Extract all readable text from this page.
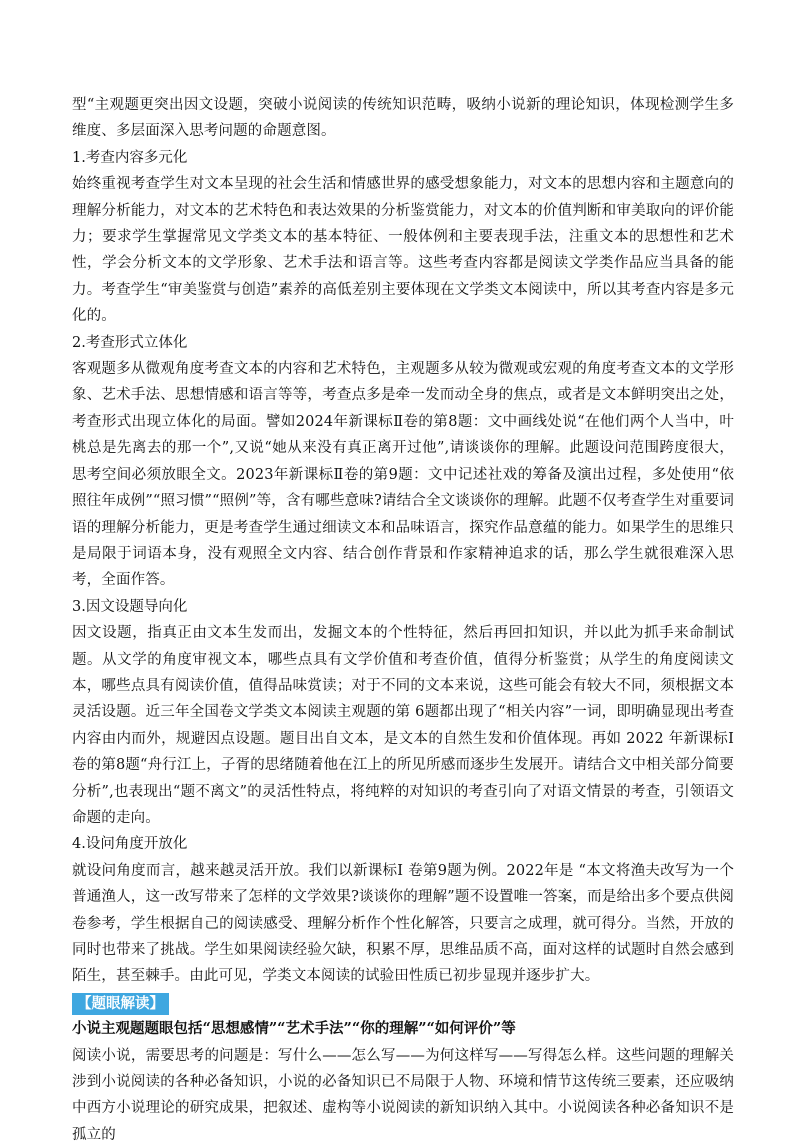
型“主观题更突出因文设题，突破小说阅读的传统知识范畴，吸纳小说新的理论知识，体现检测学生多维度、多层面深入思考问题的命题意图。

1.考查内容多元化

始终重视考查学生对文本呈现的社会生活和情感世界的感受想象能力，对文本的思想内容和主题意向的理解分析能力，对文本的艺术特色和表达效果的分析鉴赏能力，对文本的价值判断和审美取向的评价能力；要求学生掌握常见文学类文本的基本特征、一般体例和主要表现手法，注重文本的思想性和艺术性，学会分析文本的文学形象、艺术手法和语言等。这些考查内容都是阅读文学类作品应当具备的能力。考查学生“审美鉴赏与创造”素养的高低差别主要体现在文学类文本阅读中，所以其考查内容是多元化的。

2.考查形式立体化

客观题多从微观角度考查文本的内容和艺术特色，主观题多从较为微观或宏观的角度考查文本的文学形象、艺术手法、思想情感和语言等等，考查点多是牵一发而动全身的焦点，或者是文本鲜明突出之处，考查形式出现立体化的局面。譬如2024年新课标Ⅱ卷的第8题：文中画线处说“在他们两个人当中，叶桃总是先离去的那一个”,又说“她从来没有真正离开过他”,请谈谈你的理解。此题设问范围跨度很大，思考空间必须放眼全文。2023年新课标Ⅱ卷的第9题：文中记述社戏的筹备及演出过程，多处使用“依照往年成例”“照习惯”“照例”等，含有哪些意味?请结合全文谈谈你的理解。此题不仅考查学生对重要词语的理解分析能力，更是考查学生通过细读文本和品味语言，探究作品意蕴的能力。如果学生的思维只是局限于词语本身，没有观照全文内容、结合创作背景和作家精神追求的话，那么学生就很难深入思考，全面作答。

3.因文设题导向化

因文设题，指真正由文本生发而出，发掘文本的个性特征，然后再回扣知识，并以此为抓手来命制试题。从文学的角度审视文本，哪些点具有文学价值和考查价值，值得分析鉴赏；从学生的角度阅读文本，哪些点具有阅读价值，值得品味赏读；对于不同的文本来说，这些可能会有较大不同，须根据文本灵活设题。近三年全国卷文学类文本阅读主观题的第 6题都出现了“相关内容”一词，即明确显现出考查内容由内而外，规避因点设题。题目出自文本，是文本的自然生发和价值体现。再如 2022 年新课标Ⅰ 卷的第8题“舟行江上，子胥的思绪随着他在江上的所见所感而逐步生发展开。请结合文中相关部分简要分析”,也表现出“题不离文”的灵活性特点，将纯粹的对知识的考查引向了对语文情景的考查，引领语文命题的走向。

4.设问角度开放化

就设问角度而言，越来越灵活开放。我们以新课标Ⅰ 卷第9题为例。2022年是 “本文将渔夫改写为一个普通渔人，这一改写带来了怎样的文学效果?谈谈你的理解”题不设置唯一答案，而是给出多个要点供阅卷参考，学生根据自己的阅读感受、理解分析作个性化解答，只要言之成理，就可得分。当然，开放的同时也带来了挑战。学生如果阅读经验欠缺，积累不厚，思维品质不高，面对这样的试题时自然会感到陌生，甚至棘手。由此可见，学类文本阅读的试验田性质已初步显现并逐步扩大。

【题眼解读】

小说主观题题眼包括“思想感情”“艺术手法”“你的理解”“如何评价”等

阅读小说，需要思考的问题是：写什么——怎么写——为何这样写——写得怎么样。这些问题的理解关涉到小说阅读的各种必备知识，小说的必备知识已不局限于人物、环境和情节这传统三要素，还应吸纳中西方小说理论的研究成果，把叙述、虚构等小说阅读的新知识纳入其中。小说阅读各种必备知识不是孤立的
